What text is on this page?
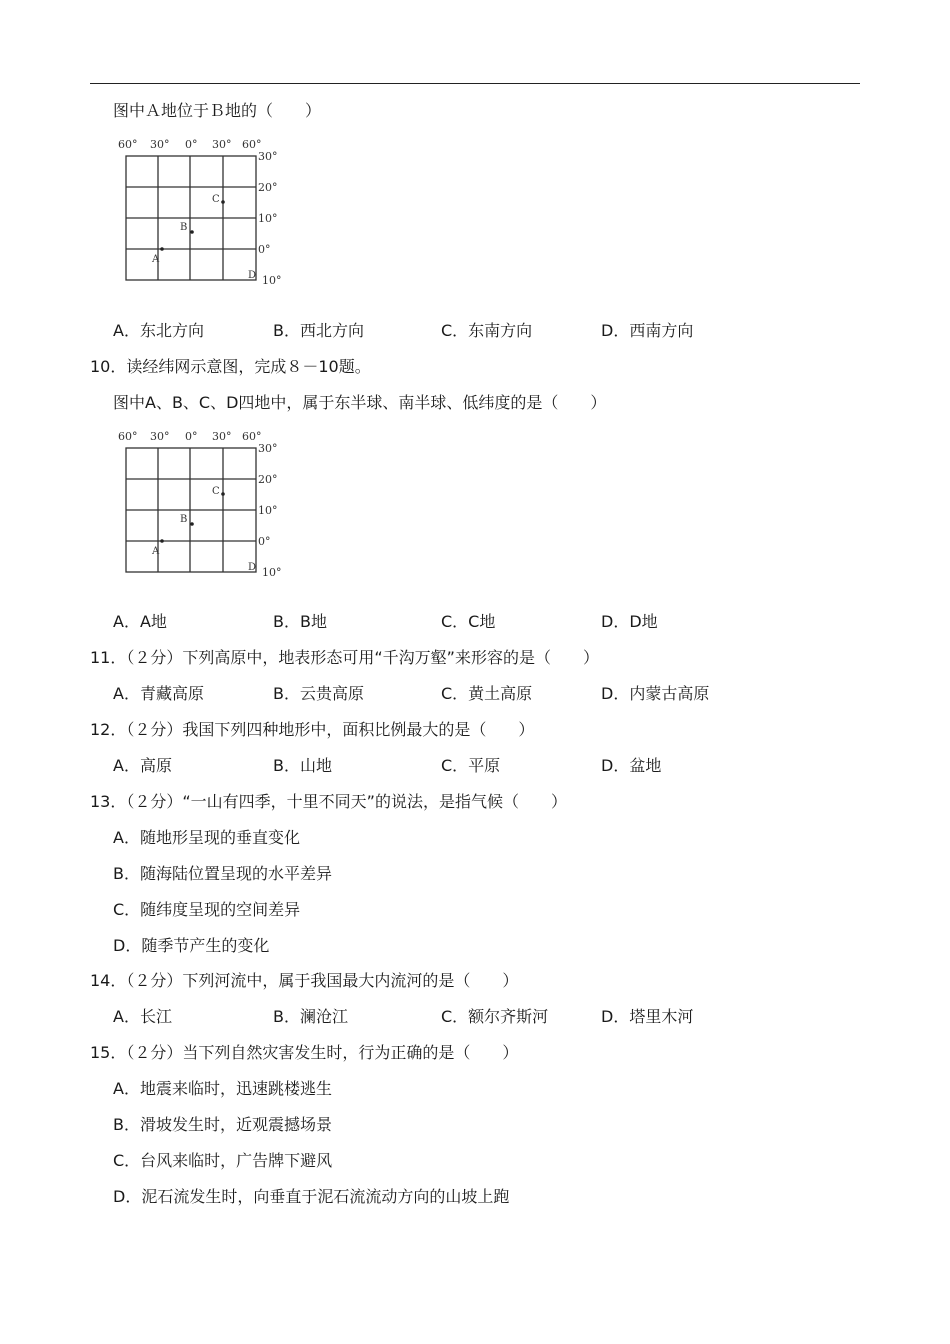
图中Ａ地位于Ｂ地的（　　）
60° 30° 0° 30° 60°
30°
20°
10°
0°
10°
A
B
C
D
A．东北方向	B．西北方向	C．东南方向	D．西南方向
10．读经纬网示意图，完成８－10题。
图中A、B、C、D四地中，属于东半球、南半球、低纬度的是（　　）
60° 30° 0° 30° 60°
30°
20°
10°
0°
10°
A
B
C
D
A．A地	B．B地	C．C地	D．D地
11．（２分）下列高原中，地表形态可用“千沟万壑”来形容的是（　　）
A．青藏高原	B．云贵高原	C．黄土高原	D．内蒙古高原
12．（２分）我国下列四种地形中，面积比例最大的是（　　）
A．高原	B．山地	C．平原	D．盆地
13．（２分）“一山有四季，十里不同天”的说法，是指气候（　　）
A．随地形呈现的垂直变化
B．随海陆位置呈现的水平差异
C．随纬度呈现的空间差异
D．随季节产生的变化
14．（２分）下列河流中，属于我国最大内流河的是（　　）
A．长江	B．澜沧江	C．额尔齐斯河	D．塔里木河
15．（２分）当下列自然灾害发生时，行为正确的是（　　）
A．地震来临时，迅速跳楼逃生
B．滑坡发生时，近观震撼场景
C．台风来临时，广告牌下避风
D．泥石流发生时，向垂直于泥石流流动方向的山坡上跑
